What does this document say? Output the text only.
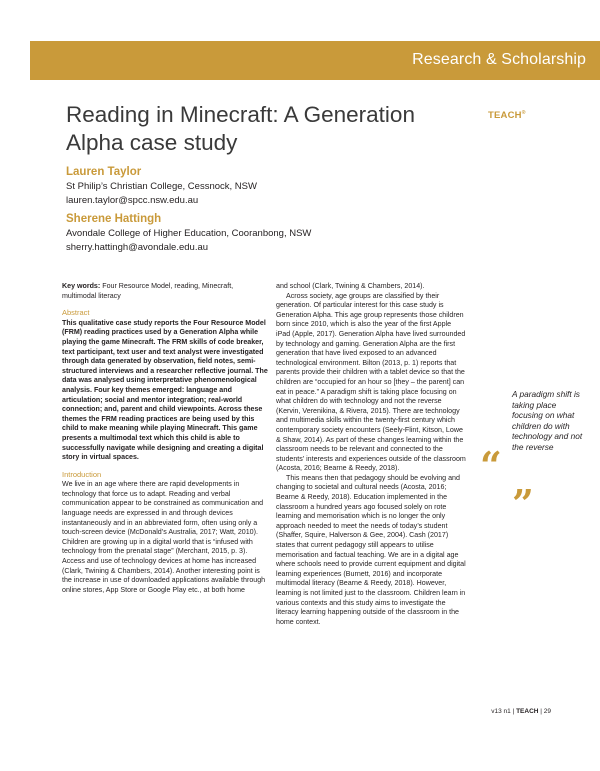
Research & Scholarship
Reading in Minecraft: A Generation Alpha case study
TEACH®
Lauren Taylor
St Philip’s Christian College, Cessnock, NSW
lauren.taylor@spcc.nsw.edu.au
Sherene Hattingh
Avondale College of Higher Education, Cooranbong, NSW
sherry.hattingh@avondale.edu.au

Key words: Four Resource Model, reading, Minecraft, multimodal literacy

Abstract

This qualitative case study reports the Four Resource Model (FRM) reading practices used by a Generation Alpha while playing the game Minecraft. The FRM skills of code breaker, text participant, text user and text analyst were investigated through data generated by observation, field notes, semi-structured interviews and a researcher reflective journal. The data was analysed using interpretative phenomenological analysis. Four key themes emerged: language and articulation; social and mentor integration; real-world connection; and, parent and child viewpoints. Across these themes the FRM reading practices are being used by this child to make meaning while playing Minecraft. This game presents a multimodal text which this child is able to successfully navigate while designing and creating a digital story in virtual spaces.

Introduction

We live in an age where there are rapid developments in technology that force us to adapt. Reading and verbal communication appear to be constrained as communication and language needs are expressed in and through devices instantaneously and in an abbreviated form, often using only a touch-screen device (McDonald’s Australia, 2017; Watt, 2010). Children are growing up in a digital world that is “infused with technology from the prenatal stage” (Merchant, 2015, p. 3). Access and use of technology devices at home has increased (Clark, Twining & Chambers, 2014). Another interesting point is the increase in use of downloaded applications available through online stores, App Store or Google Play etc., at both home

and school (Clark, Twining & Chambers, 2014).

Across society, age groups are classified by their generation. Of particular interest for this case study is Generation Alpha. This age group represents those children born since 2010, which is also the year of the first Apple iPad (Apple, 2017). Generation Alpha have lived surrounded by technology and gaming. Generation Alpha are the first generation that have lived exposed to an advanced technological environment. Bilton (2013, p. 1) reports that parents provide their children with a tablet device so that the children are “occupied for an hour so [they – the parent] can eat in peace.” A paradigm shift is taking place focusing on what children do with technology and not the reverse (Kervin, Verenikina, & Rivera, 2015). There are technology and multimedia skills within the twenty-first century which contemporary society encounters (Seely-Flint, Kitson, Lowe & Shaw, 2014). As part of these changes learning within the classroom needs to be relevant and connected to the students’ interests and experiences outside of the classroom (Acosta, 2016; Bearne & Reedy, 2018).

This means then that pedagogy should be evolving and changing to societal and cultural needs (Acosta, 2016; Bearne & Reedy, 2018). Education implemented in the classroom a hundred years ago focused solely on rote learning and memorisation which is no longer the only approach needed to meet the needs of today’s student (Shaffer, Squire, Halverson & Gee, 2004). Cash (2017) states that current pedagogy still appears to utilise memorisation and factual teaching. We are in a digital age where schools need to provide current equipment and digital learning experiences (Burnett, 2016) and incorporate multimodal literacy (Bearne & Reedy, 2018). However, learning is not limited just to the classroom. Children learn in various contexts and this study aims to investigate the literacy learning happening outside of the classroom in the home context.

“
A paradigm shift is taking place focusing on what children do with technology and not the reverse
”
v13 n1 | TEACH | 29
